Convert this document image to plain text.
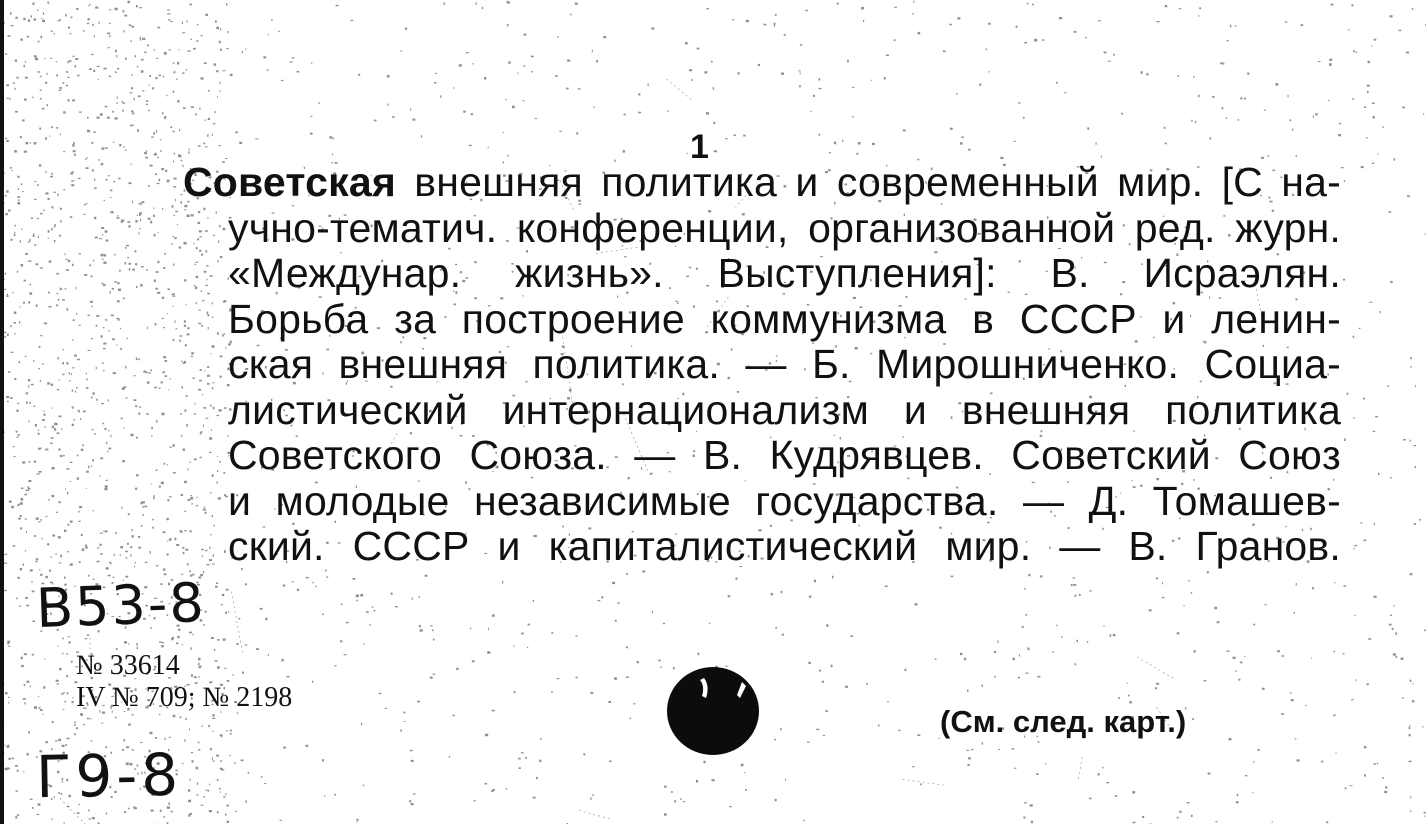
1
Советская внешняя политика и современный мир. [С на-
учно-тематич. конференции, организованной ред. журн.
«Междунар. жизнь». Выступления]: В. Исраэлян.
Борьба за построение коммунизма в СССР и ленин-
ская внешняя политика. — Б. Мирошниченко. Социа-
листический интернационализм и внешняя политика
Советского Союза. — В. Кудрявцев. Советский Союз
и молодые независимые государства. — Д. Томашев-
ский. СССР и капиталистический мир. — В. Гранов.
В53-8
№ 33614
IV № 709; № 2198
Г9-8
(См. след. карт.)
